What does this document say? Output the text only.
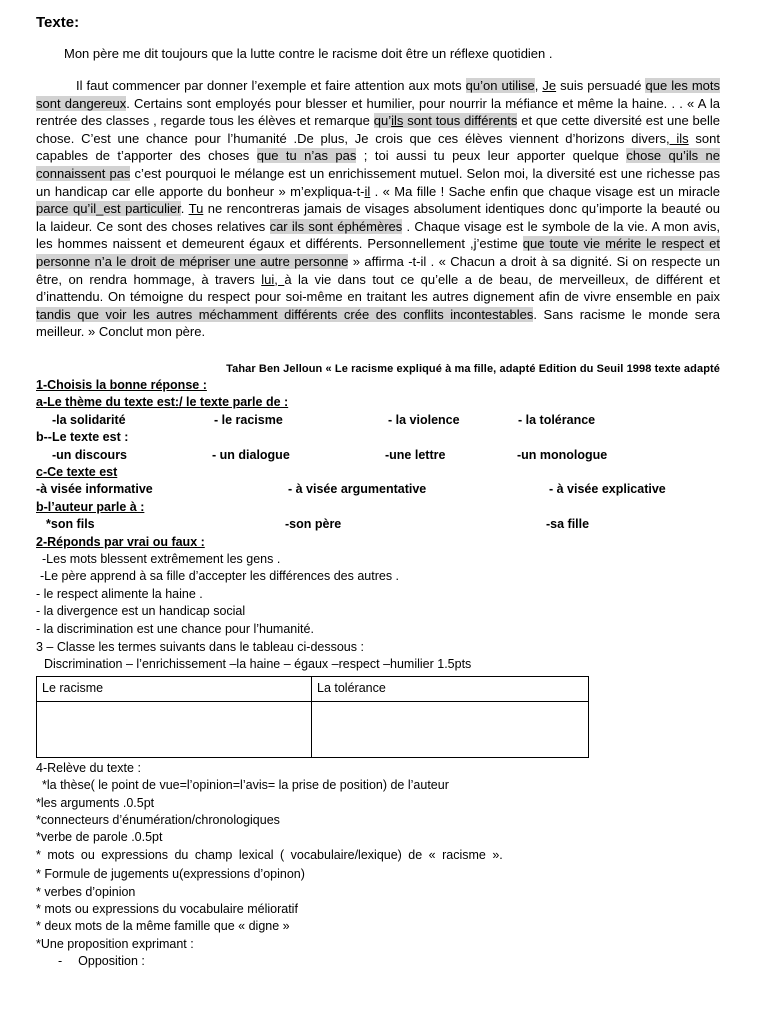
Texte:

Mon père me dit toujours que la lutte contre le racisme doit être un réflexe quotidien .

Il faut commencer par donner l’exemple et faire attention aux mots qu’on utilise, Je suis persuadé que les mots sont dangereux. Certains sont employés pour blesser et humilier, pour nourrir la méfiance et même la haine. . . « A la rentrée des classes , regarde tous les élèves et remarque qu’ils sont tous différents et que cette diversité est une belle chose. C’est une chance pour l’humanité .De plus, Je crois que ces élèves viennent d’horizons divers, ils sont capables de t’apporter des choses que tu n’as pas ; toi aussi tu peux leur apporter quelque chose qu’ils ne connaissent pas c’est pourquoi le mélange est un enrichissement mutuel. Selon moi, la diversité est une richesse pas un handicap car elle apporte du bonheur » m’expliqua-t-il . « Ma fille ! Sache enfin que chaque visage est un miracle parce qu’il_est particulier. Tu ne rencontreras jamais de visages absolument identiques donc qu’importe la beauté ou la laideur. Ce sont des choses relatives car ils sont éphémères . Chaque visage est le symbole de la vie. A mon avis, les hommes naissent et demeurent égaux et différents. Personnellement ,j’estime que toute vie mérite le respect et personne n’a le droit de mépriser une autre personne » affirma -t-il . « Chacun a droit à sa dignité. Si on respecte un être, on rendra hommage, à travers lui, à la vie dans tout ce qu’elle a de beau, de merveilleux, de différent et d’inattendu. On témoigne du respect pour soi-même en traitant les autres dignement afin de vivre ensemble en paix tandis que voir les autres méchamment différents crée des conflits incontestables. Sans racisme le monde sera meilleur. » Conclut mon père.

Tahar Ben Jelloun « Le racisme expliqué à ma fille, adapté Edition du Seuil 1998 texte adapté
1-Choisis la bonne réponse :
a-Le thème du texte est:/ le texte parle de :
-la solidarité	- le racisme	- la violence	- la tolérance
b--Le texte est :
-un discours	- un dialogue	-une lettre	-un monologue
c-Ce texte est
-à visée informative	- à visée argumentative	- à visée explicative
b-l’auteur parle à :
*son fils	-son père	-sa fille
2-Réponds par vrai ou faux :
-Les mots blessent extrêmement les gens .
-Le père apprend à sa fille d’accepter les différences des autres .
- le respect alimente la haine .
- la divergence est un handicap social
- la discrimination est une chance pour l’humanité.
3 – Classe les termes suivants dans le tableau ci-dessous :
Discrimination – l’enrichissement –la haine – égaux –respect –humilier 1.5pts
Le racisme	La tolérance

4-Relève du texte :
*la thèse( le point de vue=l’opinion=l’avis= la prise de position) de l’auteur
*les arguments .0.5pt
*connecteurs d’énumération/chronologiques
*verbe de parole .0.5pt
* mots ou expressions du champ lexical ( vocabulaire/lexique) de « racisme ».
* Formule de jugements u(expressions d’opinon)
* verbes d’opinion
* mots ou expressions du vocabulaire mélioratif
* deux mots de la même famille que « digne »
*Une proposition exprimant :
- Opposition :
